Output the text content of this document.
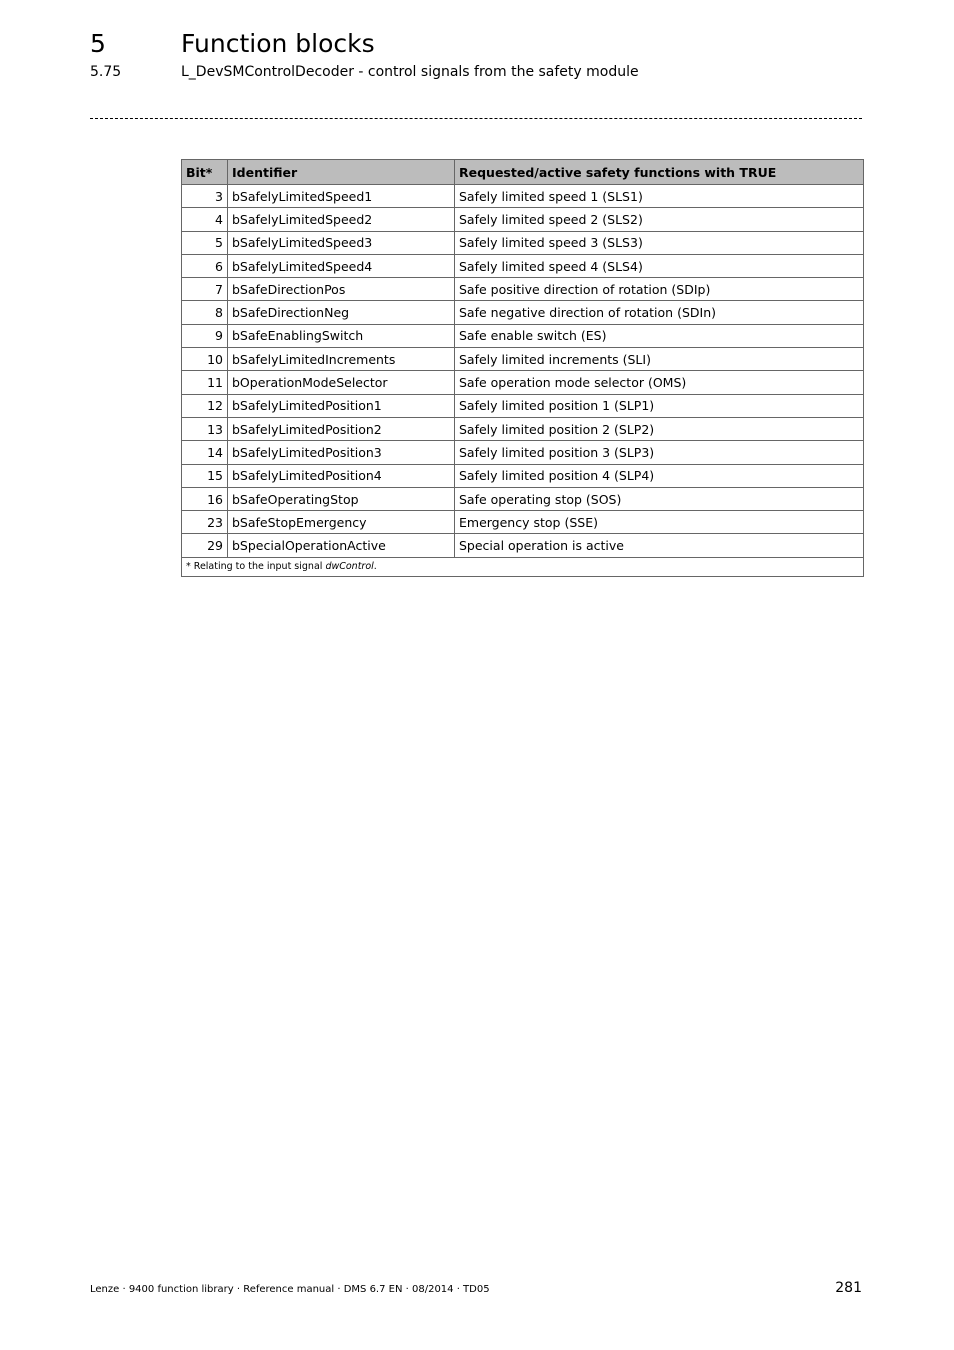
5	Function blocks
5.75	L_DevSMControlDecoder - control signals from the safety module
Bit*	Identifier	Requested/active safety functions with TRUE
3	bSafelyLimitedSpeed1	Safely limited speed 1 (SLS1)
4	bSafelyLimitedSpeed2	Safely limited speed 2 (SLS2)
5	bSafelyLimitedSpeed3	Safely limited speed 3 (SLS3)
6	bSafelyLimitedSpeed4	Safely limited speed 4 (SLS4)
7	bSafeDirectionPos	Safe positive direction of rotation (SDIp)
8	bSafeDirectionNeg	Safe negative direction of rotation (SDIn)
9	bSafeEnablingSwitch	Safe enable switch (ES)
10	bSafelyLimitedIncrements	Safely limited increments (SLI)
11	bOperationModeSelector	Safe operation mode selector (OMS)
12	bSafelyLimitedPosition1	Safely limited position 1 (SLP1)
13	bSafelyLimitedPosition2	Safely limited position 2 (SLP2)
14	bSafelyLimitedPosition3	Safely limited position 3 (SLP3)
15	bSafelyLimitedPosition4	Safely limited position 4 (SLP4)
16	bSafeOperatingStop	Safe operating stop (SOS)
23	bSafeStopEmergency	Emergency stop (SSE)
29	bSpecialOperationActive	Special operation is active
* Relating to the input signal dwControl.		
Lenze · 9400 function library · Reference manual · DMS 6.7 EN · 08/2014 · TD05	281
